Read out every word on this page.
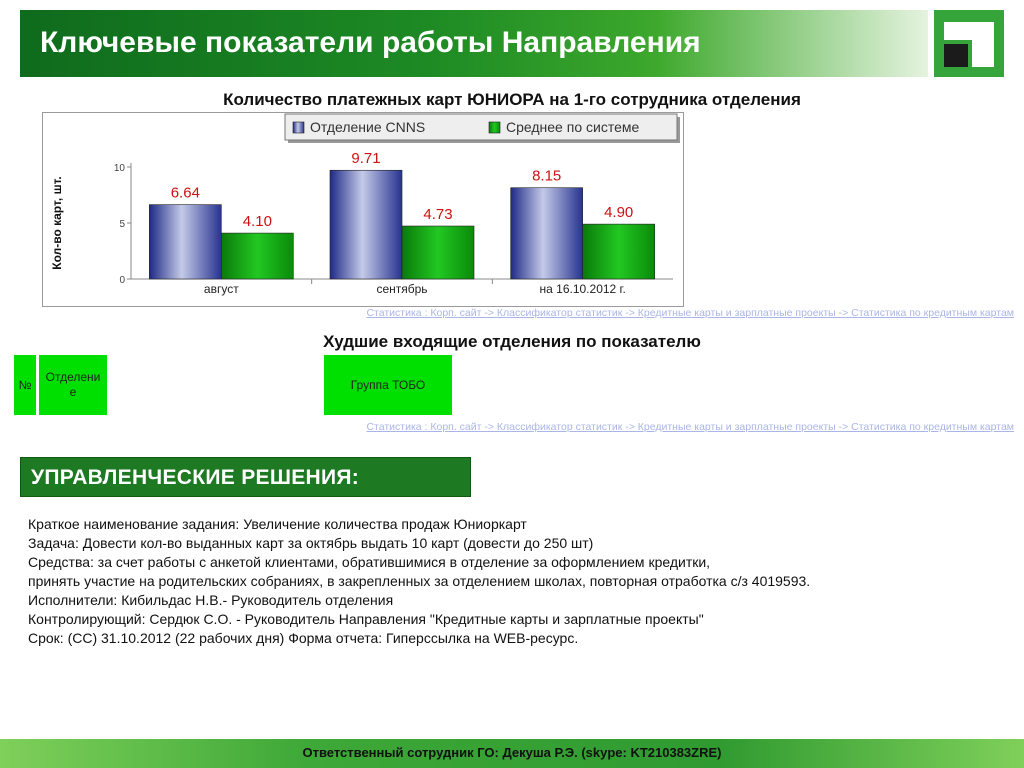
Ключевые показатели работы Направления
Количество платежных карт ЮНИОРА на 1-го сотрудника отделения
0
5
10
Кол-во карт, шт.	6.64
4.10
август
9.71
4.73
сентябрь
8.15
4.90
на 16.10.2012 г.
Отделение CNNS	Среднее по системе
Статистика : Корп. сайт -> Классификатор статистик -> Кредитные карты и зарплатные проекты -> Статистика по кредитным картам
Худшие входящие отделения по показателю
№
Отделение
Группа ТОБО
Статистика : Корп. сайт -> Классификатор статистик -> Кредитные карты и зарплатные проекты -> Статистика по кредитным картам
УПРАВЛЕНЧЕСКИЕ РЕШЕНИЯ:
Краткое наименование задания: Увеличение количества продаж Юниоркарт
Задача: Довести кол-во выданных карт за октябрь выдать 10 карт (довести до 250 шт)
Средства: за счет работы с анкетой клиентами, обратившимися в отделение за оформлением кредитки,
принять участие на родительских собраниях, в закрепленных за отделением школах, повторная отработка с/з 4019593.
Исполнители: Кибильдас Н.В.- Руководитель отделения
Контролирующий: Сердюк С.О. - Руководитель Направления "Кредитные карты и зарплатные проекты"
Срок: (СС) 31.10.2012 (22 рабочих дня) Форма отчета: Гиперссылка на WEB-ресурс.
Ответственный сотрудник ГО: Декуша Р.Э. (skype: KT210383ZRE)
